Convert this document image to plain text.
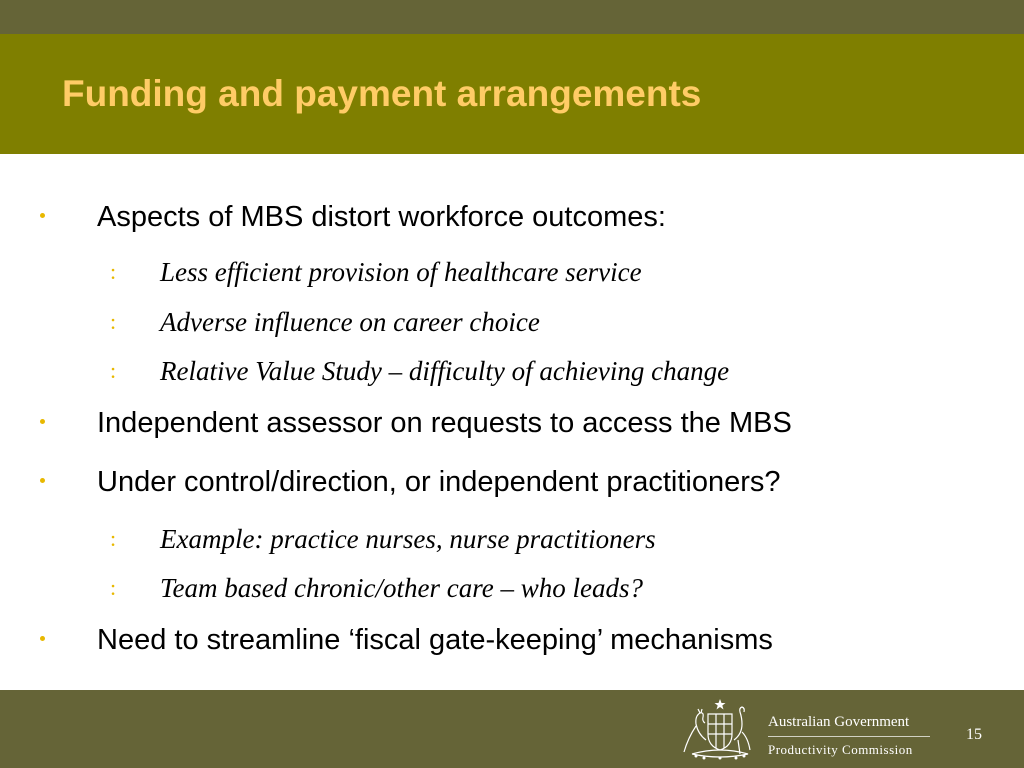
Funding and payment arrangements
Aspects of MBS distort workforce outcomes:
: Less efficient provision of healthcare service
: Adverse influence on career choice
: Relative Value Study – difficulty of achieving change
Independent assessor on requests to access the MBS
Under control/direction, or independent practitioners?
: Example: practice nurses, nurse practitioners
: Team based chronic/other care – who leads?
Need to streamline ‘fiscal gate-keeping’ mechanisms
Australian Government
Productivity Commission
15
